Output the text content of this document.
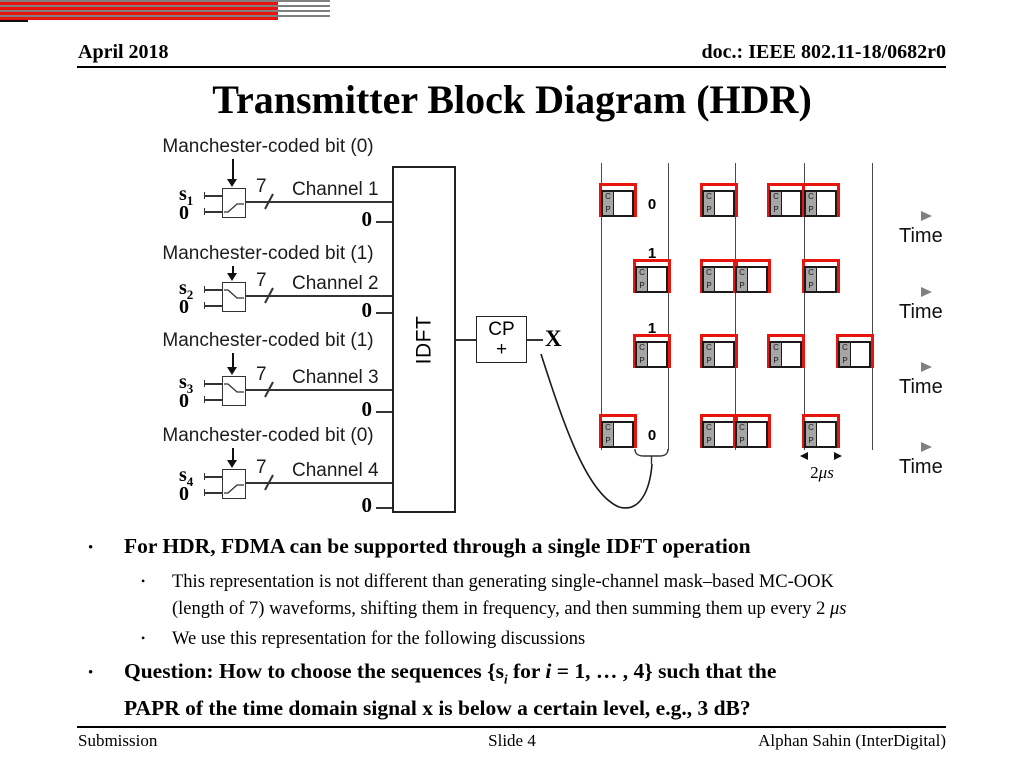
April 2018	doc.: IEEE 802.11-18/0682r0
Transmitter Block Diagram (HDR)
Manchester-coded bit (0)
$s_1$
0
7 Channel 1
0
Manchester-coded bit (1)
$s_2$
0
7 Channel 2
0
Manchester-coded bit (1)
$s_3$
0
7 Channel 3
0
Manchester-coded bit (0)
$s_4$
0
7 Channel 4
0
IDFT	CP
+ X
C
P
C
P
C
P
C
P
0
Time
C
P
C
P
C
P
C
P
1
Time
C
P
C
P
C
P
C
P
1
Time
C
P
C
P
C
P
C
P
0
Time
2μs
• For HDR, FDMA can be supported through a single IDFT operation
• This representation is not different than generating single-channel mask–based MC-OOK
(length of 7) waveforms, shifting them in frequency, and then summing them up every 2 μs
• We use this representation for the following discussions
• Question: How to choose the sequences {$s_i$ for i = 1, … , 4} such that the
PAPR of the time domain signal x is below a certain level, e.g., 3 dB?
Submission	Slide 4	Alphan Sahin (InterDigital)
